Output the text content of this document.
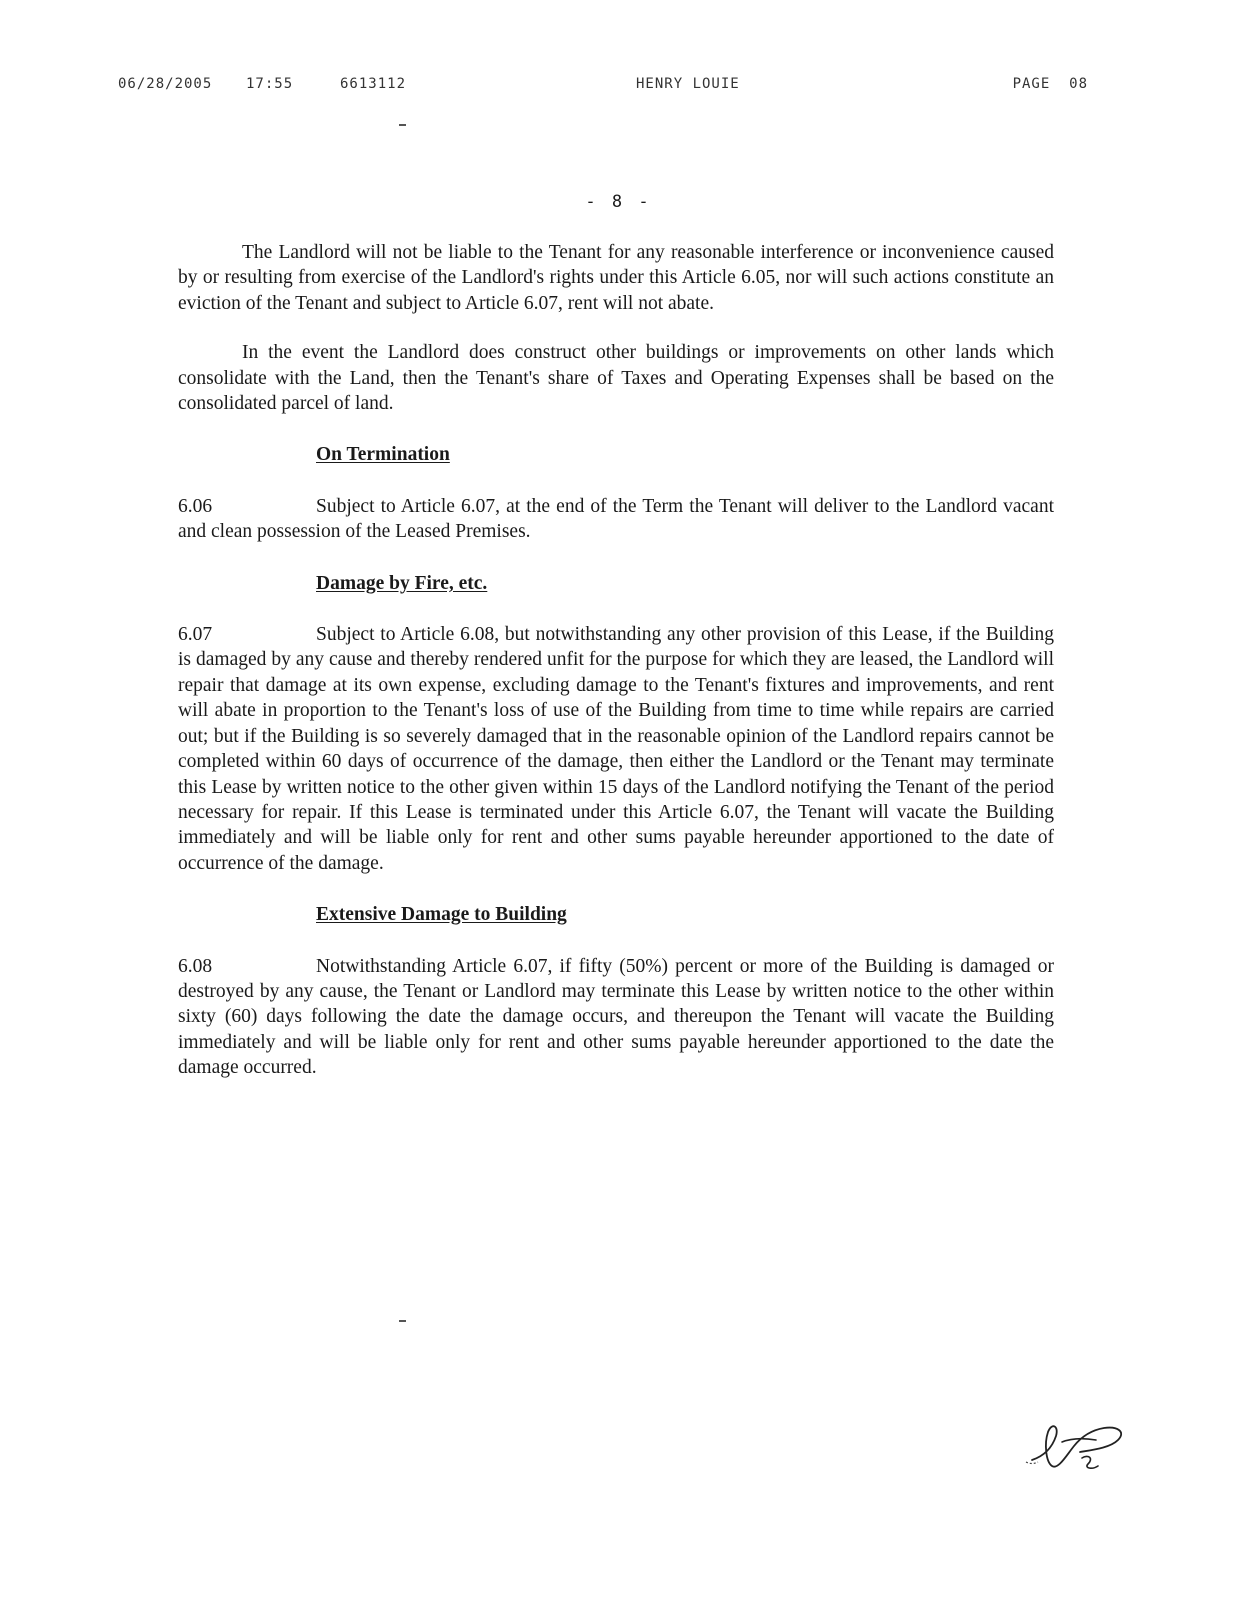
06/28/2005 17:55	6613112	HENRY LOUIE	PAGE  08
- 8 -

The Landlord will not be liable to the Tenant for any reasonable interference or inconvenience caused by or resulting from exercise of the Landlord's rights under this Article 6.05, nor will such actions constitute an eviction of the Tenant and subject to Article 6.07, rent will not abate.

In the event the Landlord does construct other buildings or improvements on other lands which consolidate with the Land, then the Tenant's share of Taxes and Operating Expenses shall be based on the consolidated parcel of land.

On Termination

6.06	Subject to Article 6.07, at the end of the Term the Tenant will deliver to the Landlord vacant and clean possession of the Leased Premises.

Damage by Fire, etc.

6.07	Subject to Article 6.08, but notwithstanding any other provision of this Lease, if the Building is damaged by any cause and thereby rendered unfit for the purpose for which they are leased, the Landlord will repair that damage at its own expense, excluding damage to the Tenant's fixtures and improvements, and rent will abate in proportion to the Tenant's loss of use of the Building from time to time while repairs are carried out; but if the Building is so severely damaged that in the reasonable opinion of the Landlord repairs cannot be completed within 60 days of occurrence of the damage, then either the Landlord or the Tenant may terminate this Lease by written notice to the other given within 15 days of the Landlord notifying the Tenant of the period necessary for repair. If this Lease is terminated under this Article 6.07, the Tenant will vacate the Building immediately and will be liable only for rent and other sums payable hereunder apportioned to the date of occurrence of the damage.

Extensive Damage to Building

6.08	Notwithstanding Article 6.07, if fifty (50%) percent or more of the Building is damaged or destroyed by any cause, the Tenant or Landlord may terminate this Lease by written notice to the other within sixty (60) days following the date the damage occurs, and thereupon the Tenant will vacate the Building immediately and will be liable only for rent and other sums payable hereunder apportioned to the date the damage occurred.
